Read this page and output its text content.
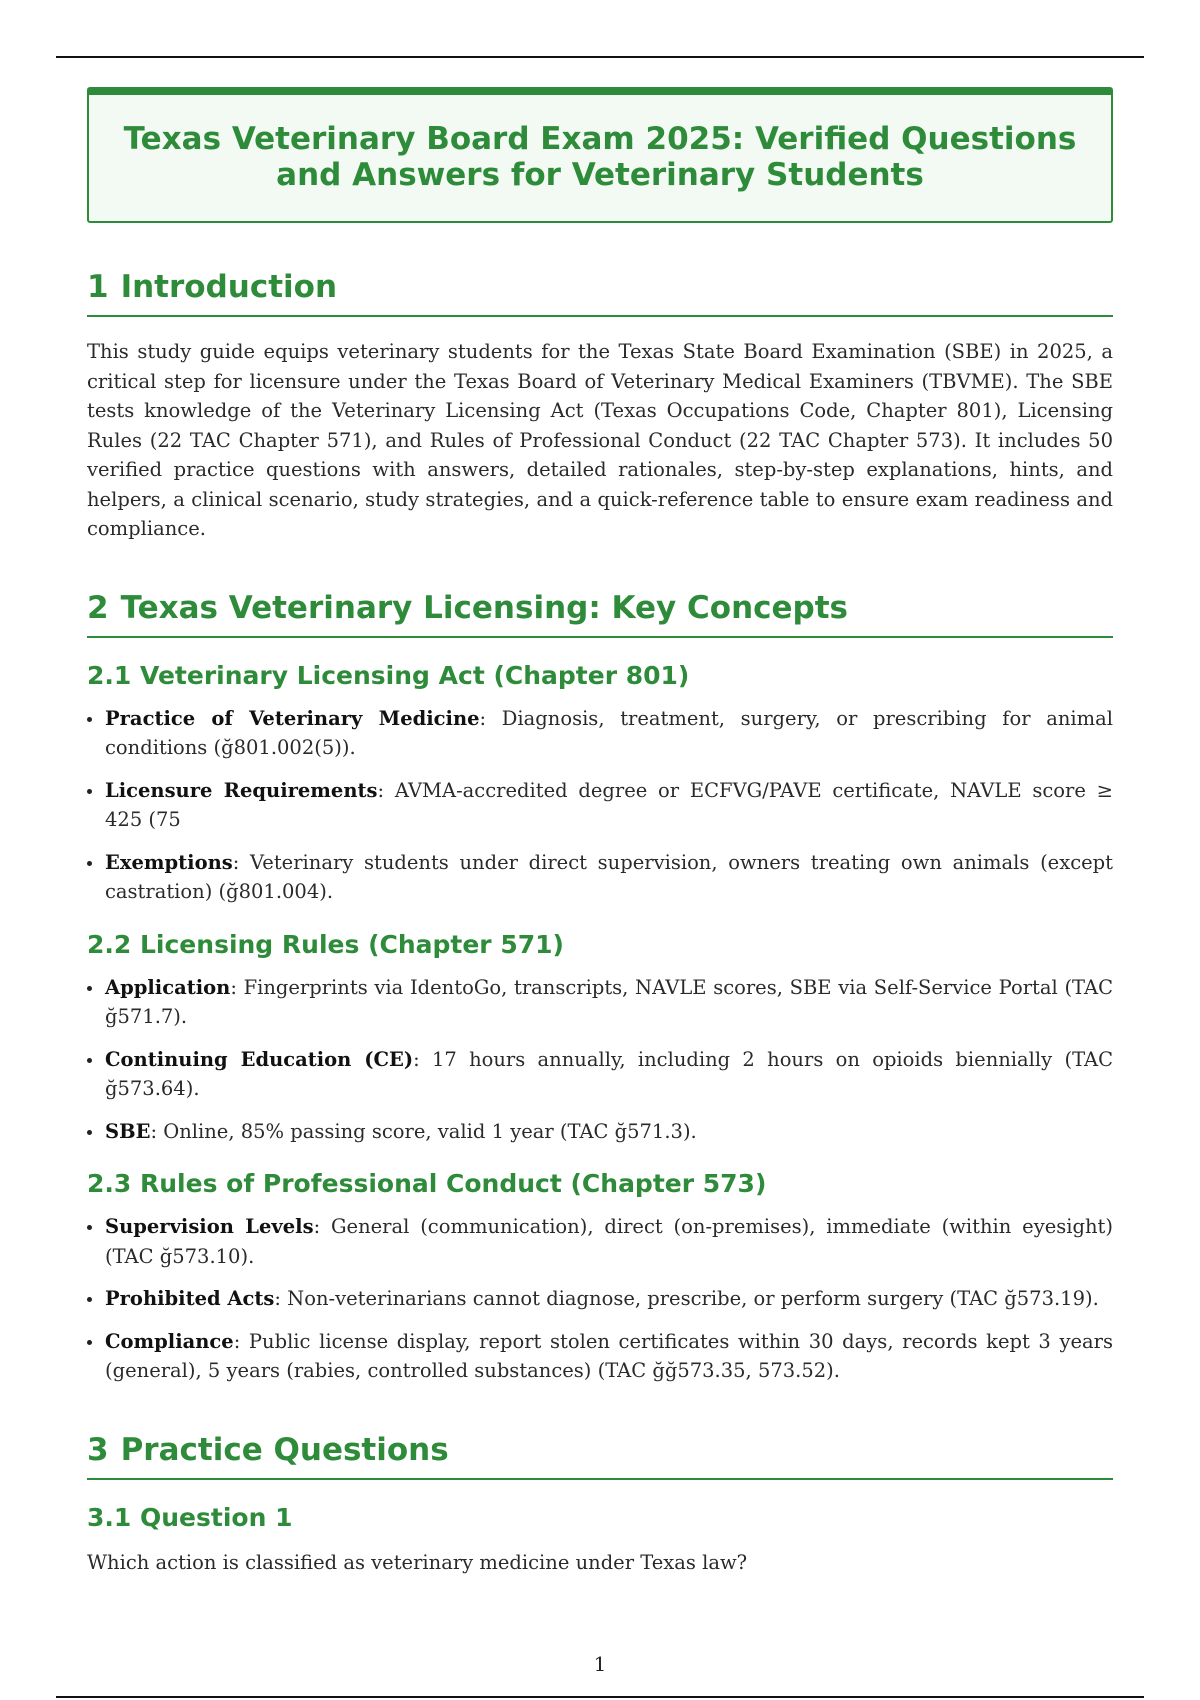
Texas Veterinary Board Exam 2025: Verified Questions and Answers for Veterinary Students
1 Introduction

This study guide equips veterinary students for the Texas State Board Examination (SBE) in 2025, a critical step for licensure under the Texas Board of Veterinary Medical Examiners (TBVME). The SBE tests knowledge of the Veterinary Licensing Act (Texas Occupations Code, Chapter 801), Licensing Rules (22 TAC Chapter 571), and Rules of Professional Conduct (22 TAC Chapter 573). It includes 50 verified practice questions with answers, detailed rationales, step-by-step explanations, hints, and helpers, a clinical scenario, study strategies, and a quick-reference table to ensure exam readiness and compliance.

2 Texas Veterinary Licensing: Key Concepts
2.1 Veterinary Licensing Act (Chapter 801)
Practice of Veterinary Medicine: Diagnosis, treatment, surgery, or prescribing for animal conditions (ğ801.002(5)).
Licensure Requirements: AVMA-accredited degree or ECFVG/PAVE certificate, NAVLE score ≥ 425 (75
Exemptions: Veterinary students under direct supervision, owners treating own animals (except castration) (ğ801.004).
2.2 Licensing Rules (Chapter 571)
Application: Fingerprints via IdentoGo, transcripts, NAVLE scores, SBE via Self-Service Portal (TAC ğ571.7).
Continuing Education (CE): 17 hours annually, including 2 hours on opioids biennially (TAC ğ573.64).
SBE: Online, 85% passing score, valid 1 year (TAC ğ571.3).
2.3 Rules of Professional Conduct (Chapter 573)
Supervision Levels: General (communication), direct (on-premises), immediate (within eyesight) (TAC ğ573.10).
Prohibited Acts: Non-veterinarians cannot diagnose, prescribe, or perform surgery (TAC ğ573.19).
Compliance: Public license display, report stolen certificates within 30 days, records kept 3 years (general), 5 years (rabies, controlled substances) (TAC ğğ573.35, 573.52).
3 Practice Questions
3.1 Question 1

Which action is classified as veterinary medicine under Texas law?

1
